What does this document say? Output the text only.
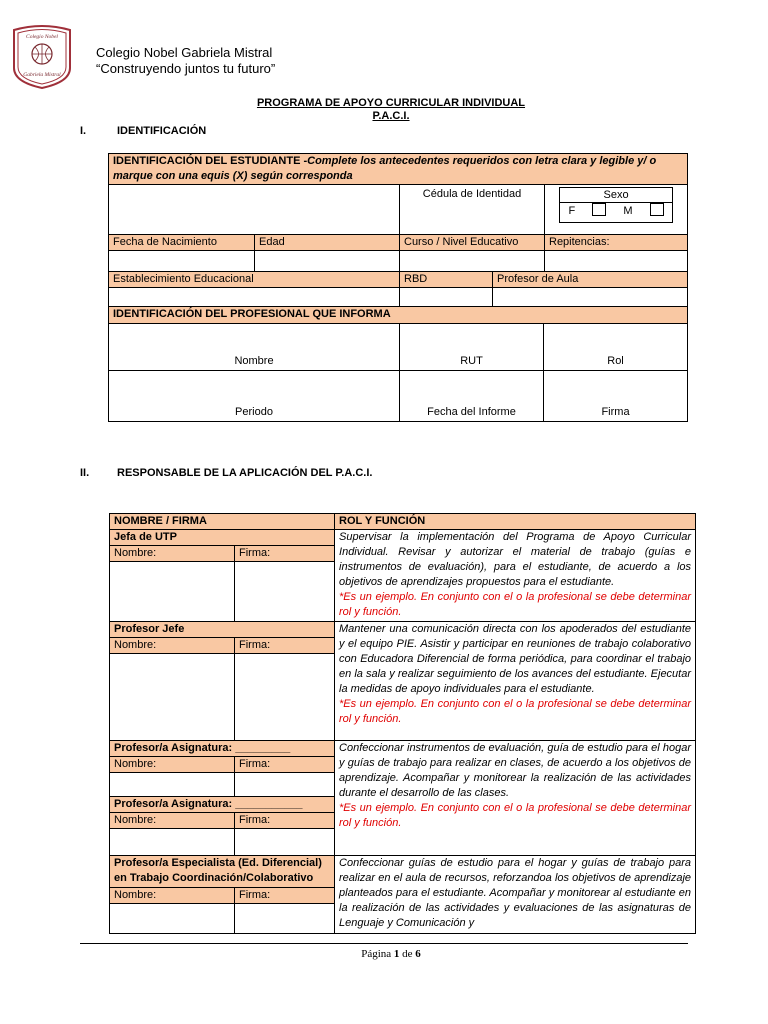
Colegio Nobel
Gabriela Mistral
Colegio Nobel Gabriela Mistral
“Construyendo juntos tu futuro”
PROGRAMA DE APOYO CURRICULAR INDIVIDUAL
P.A.C.I.
I.	IDENTIFICACIÓN
IDENTIFICACIÓN DEL ESTUDIANTE -Complete los antecedentes requeridos con letra clara y legible y/ o marque con una equis (X) según corresponda			

		Cédula de Identidad	Sexo
F M

Fecha de Nacimiento	Edad	Curso / Nivel Educativo	Repitencias:

Establecimiento Educacional	RBD	Profesor de Aula

IDENTIFICACIÓN DEL PROFESIONAL QUE INFORMA		
Nombre	RUT	Rol
Periodo	Fecha del Informe	Firma
II.	RESPONSABLE DE LA APLICACIÓN DEL P.A.C.I.
NOMBRE / FIRMA		ROL Y FUNCIÓN
Jefa de UTP		Supervisar la implementación del Programa de Apoyo Curricular Individual. Revisar y autorizar el material de trabajo (guías e instrumentos de evaluación), para el estudiante, de acuerdo a los objetivos de aprendizajes propuestos para el estudiante.
*Es un ejemplo. En conjunto con el o la profesional se debe determinar rol y función.

Nombre:	Firma:	

Profesor Jefe		Mantener una comunicación directa con los apoderados del estudiante y el equipo PIE. Asistir y participar en reuniones de trabajo colaborativo con Educadora Diferencial de forma periódica, para coordinar el trabajo en la sala y realizar seguimiento de los avances del estudiante. Ejecutar la medidas de apoyo individuales para el estudiante.
*Es un ejemplo. En conjunto con el o la profesional se debe determinar rol y función.

Nombre:	Firma:	

Profesor/a Asignatura: _________		Confeccionar instrumentos de evaluación, guía de estudio para el hogar y guías de trabajo para realizar en clases, de acuerdo a los objetivos de aprendizaje. Acompañar y monitorear la realización de las actividades durante el desarrollo de las clases.
*Es un ejemplo. En conjunto con el o la profesional se debe determinar rol y función.

Nombre:	Firma:	

Profesor/a Asignatura: ___________		
Nombre:	Firma:	

Profesor/a Especialista (Ed. Diferencial) en Trabajo Coordinación/Colaborativo		Confeccionar guías de estudio para el hogar y guías de trabajo para realizar en el aula de recursos, reforzandoa los objetivos de aprendizaje planteados para el estudiante. Acompañar y monitorear al estudiante en la realización de las actividades y evaluaciones de las asignaturas de Lenguaje y Comunicación y

Nombre:	Firma:	

Página 1 de 6
